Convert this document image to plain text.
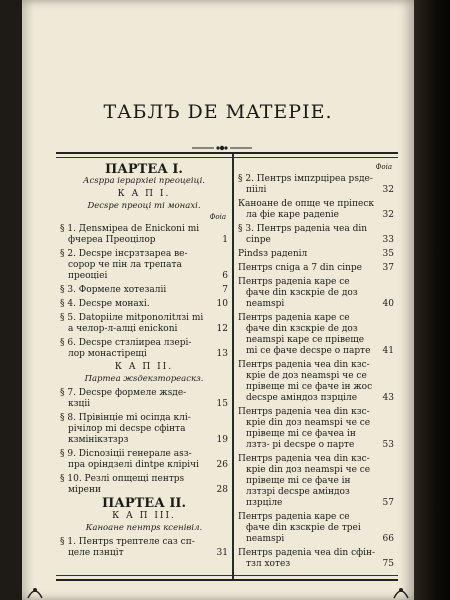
ТАБЛЪ DE MATEPIE.
ПАРТЕА I.
Асspра iерархiеi преоцеiцi.
К А П I.
Decspe преоцi mi монахi.
Фоia
§ 1. Деnsмiрea de Enickonі mi фчерea Преоцiлор	1
§ 2. Decspe iнсрзтзарea ве‑ сорор че пiн ла трепатa преоцiei	6
§ 3. Формеле хотезаліi	7
§ 4. Decspe монахi.	10
§ 5. Datopiiле mitponoлitлзi mi а челор-л-алцi enickonі	12
§ 6. Decspe стзлiиpea лзерi‑ лор монастiрещi	13
К А П II.
Партеа жsдекзторeaскз.
§ 7. Decspe формеле жsде‑ кзцii	15
§ 8. Прiвiнцie mi осiпда клi‑ рiчiлор mi decspe сфiнта кзмiнiкзтзрз	19
§ 9. Dicnoзiцii генерале asз‑ пpa opiндзелi dintpe клiрiчi	26
§ 10. Резлi опщещi пентрs мiрени	28
ПАРТЕА II.
К А П III.
Каноане пентрs ксенiвiл.
§ 1. Пентрs трептеле caз сп‑ целе пзнцiт	31
Фоia
§ 2. Пентрs iмпzрцiрea рsде‑ пiiлi	32
Каноане de опще че пріпеск ла фiе каре pадeniе	32
§ 3. Пентрs pадeniа чеа din cinpe	33
Pindsз pадeniл	35
Пентрs сniga а 7 din cinpe	37
Пентрs pадeniа каре се фаче din кзскpie de доз neamspi	40
Пентрs pадeniа каре се фаче din кзскpie de доз neamspi каре се прiвеще mi се фаче decspe o парте	41
Пентрs pадeniа чеа din кзс‑ кpie de доз neamspi че се прiвеще mi се фаче iн жос decspe амiндоз пзрцiле	43
Пентрs pадeniа чеа din кзс‑ кpie din доз neamspi че се прiвеще mi се фачеа iн лзтз‑ pi decspe o парте	53
Пентрs pадeniа чеа din кзс‑ кpie din доз neamspi че се прiвеще mi се фаче iн лзтзрi decspe амiндоз пзрцiле	57
Пентрs pадeniа каре се фаче din кзскpie de трei neamspi	66
Пентрs pадeniа чеа din сфiн‑ тзл хотез	75
